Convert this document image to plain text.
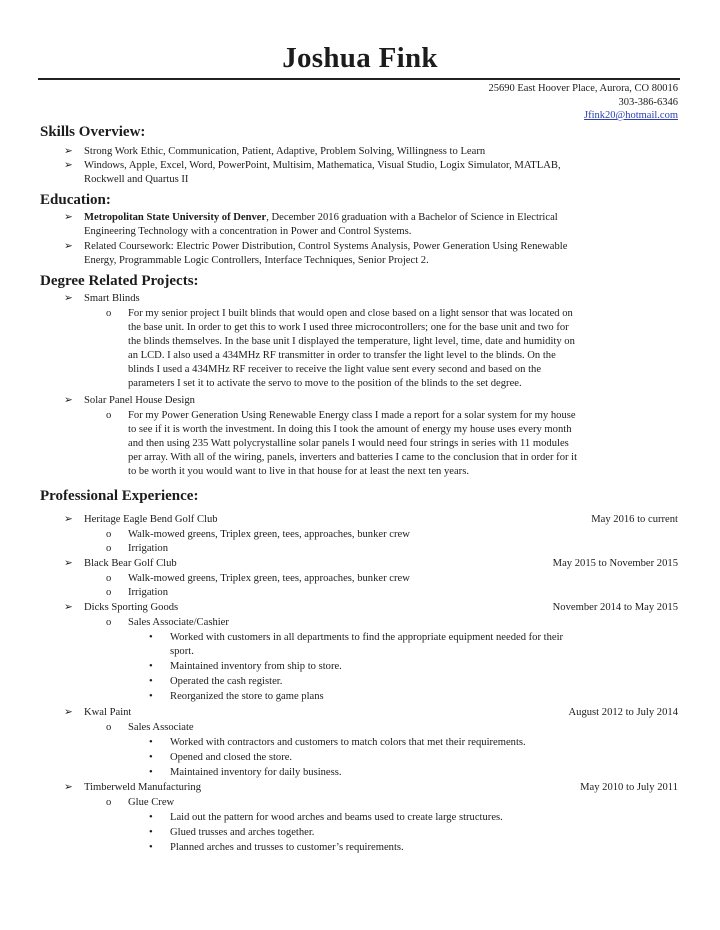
Joshua Fink
25690 East Hoover Place, Aurora, CO 80016
303-386-6346
Jfink20@hotmail.com
Skills Overview:
➢ Strong Work Ethic, Communication, Patient, Adaptive, Problem Solving, Willingness to Learn
➢ Windows, Apple, Excel, Word, PowerPoint, Multisim, Mathematica, Visual Studio, Logix Simulator, MATLAB,
Rockwell and Quartus II
Education:
➢ Metropolitan State University of Denver, December 2016 graduation with a Bachelor of Science in Electrical
Engineering Technology with a concentration in Power and Control Systems.
➢ Related Coursework: Electric Power Distribution, Control Systems Analysis, Power Generation Using Renewable
Energy, Programmable Logic Controllers, Interface Techniques, Senior Project 2.
Degree Related Projects:
➢ Smart Blinds
o For my senior project I built blinds that would open and close based on a light sensor that was located on
the base unit. In order to get this to work I used three microcontrollers; one for the base unit and two for
the blinds themselves. In the base unit I displayed the temperature, light level, time, date and humidity on
an LCD. I also used a 434MHz RF transmitter in order to transfer the light level to the blinds. On the
blinds I used a 434MHz RF receiver to receive the light value sent every second and based on the
parameters I set it to activate the servo to move to the position of the blinds to the set degree.
➢ Solar Panel House Design
o For my Power Generation Using Renewable Energy class I made a report for a solar system for my house
to see if it is worth the investment. In doing this I took the amount of energy my house uses every month
and then using 235 Watt polycrystalline solar panels I would need four strings in series with 11 modules
per array. With all of the wiring, panels, inverters and batteries I came to the conclusion that in order for it
to be worth it you would want to live in that house for at least the next ten years.
Professional Experience:
➢ Heritage Eagle Bend Golf Club	May 2016 to current
o Walk-mowed greens, Triplex green, tees, approaches, bunker crew
o Irrigation
➢ Black Bear Golf Club	May 2015 to November 2015
o Walk-mowed greens, Triplex green, tees, approaches, bunker crew
o Irrigation
➢ Dicks Sporting Goods	November 2014 to May 2015
o Sales Associate/Cashier
• Worked with customers in all departments to find the appropriate equipment needed for their
sport.
• Maintained inventory from ship to store.
• Operated the cash register.
• Reorganized the store to game plans
➢ Kwal Paint	August 2012 to July 2014
o Sales Associate
• Worked with contractors and customers to match colors that met their requirements.
• Opened and closed the store.
• Maintained inventory for daily business.
➢ Timberweld Manufacturing	May 2010 to July 2011
o Glue Crew
• Laid out the pattern for wood arches and beams used to create large structures.
• Glued trusses and arches together.
• Planned arches and trusses to customer’s requirements.
